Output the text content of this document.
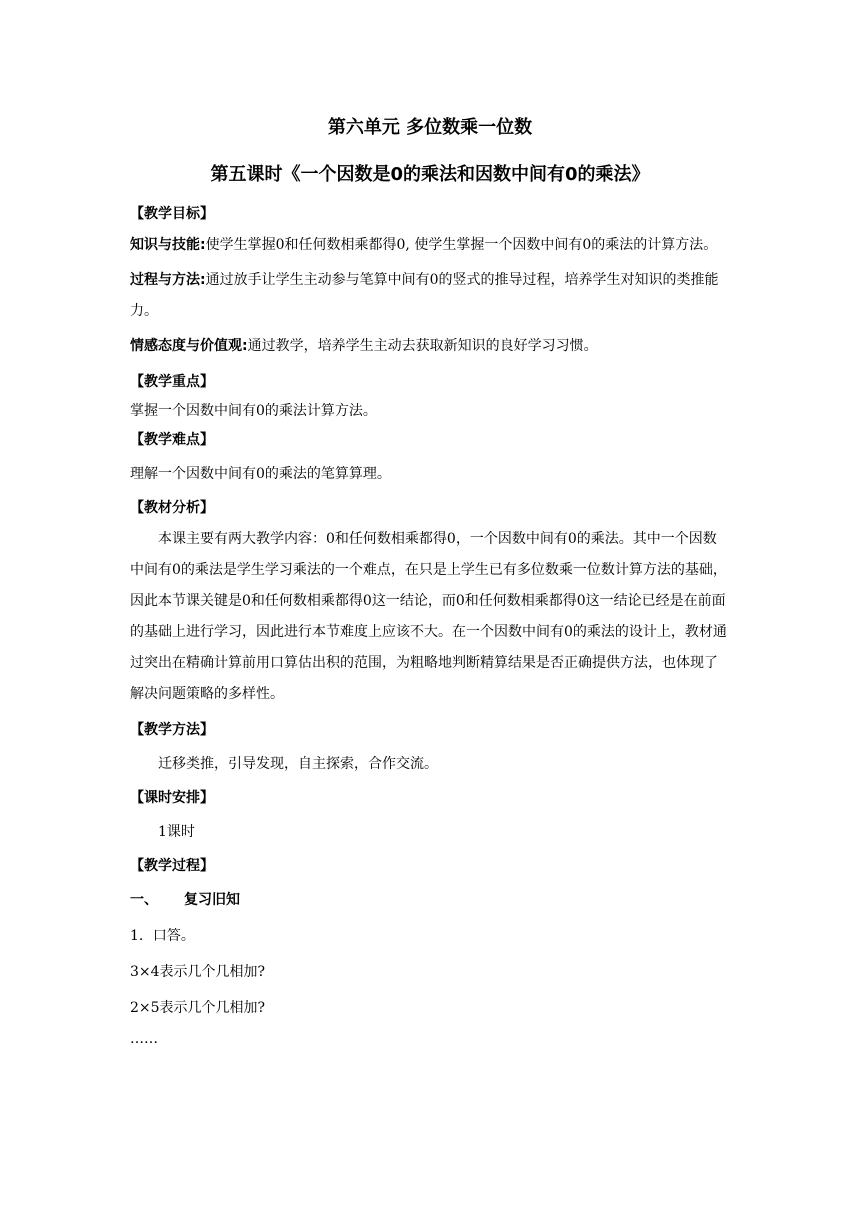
第六单元 多位数乘一位数
第五课时《一个因数是0的乘法和因数中间有0的乘法》
【教学目标】

知识与技能:使学生掌握0和任何数相乘都得0, 使学生掌握一个因数中间有0的乘法的计算方法。

过程与方法:通过放手让学生主动参与笔算中间有0的竖式的推导过程，培养学生对知识的类推能力。

情感态度与价值观:通过教学，培养学生主动去获取新知识的良好学习习惯。

【教学重点】

掌握一个因数中间有0的乘法计算方法。

【教学难点】

理解一个因数中间有0的乘法的笔算算理。

【教材分析】

本课主要有两大教学内容：0和任何数相乘都得0，一个因数中间有0的乘法。其中一个因数中间有0的乘法是学生学习乘法的一个难点，在只是上学生已有多位数乘一位数计算方法的基础，因此本节课关键是0和任何数相乘都得0这一结论，而0和任何数相乘都得0这一结论已经是在前面的基础上进行学习，因此进行本节难度上应该不大。在一个因数中间有0的乘法的设计上，教材通过突出在精确计算前用口算估出积的范围，为粗略地判断精算结果是否正确提供方法，也体现了解决问题策略的多样性。

【教学方法】

迁移类推，引导发现，自主探索，合作交流。

【课时安排】

1课时

【教学过程】

一、 复习旧知

1．口答。

3×4表示几个几相加?

2×5表示几个几相加?

……
